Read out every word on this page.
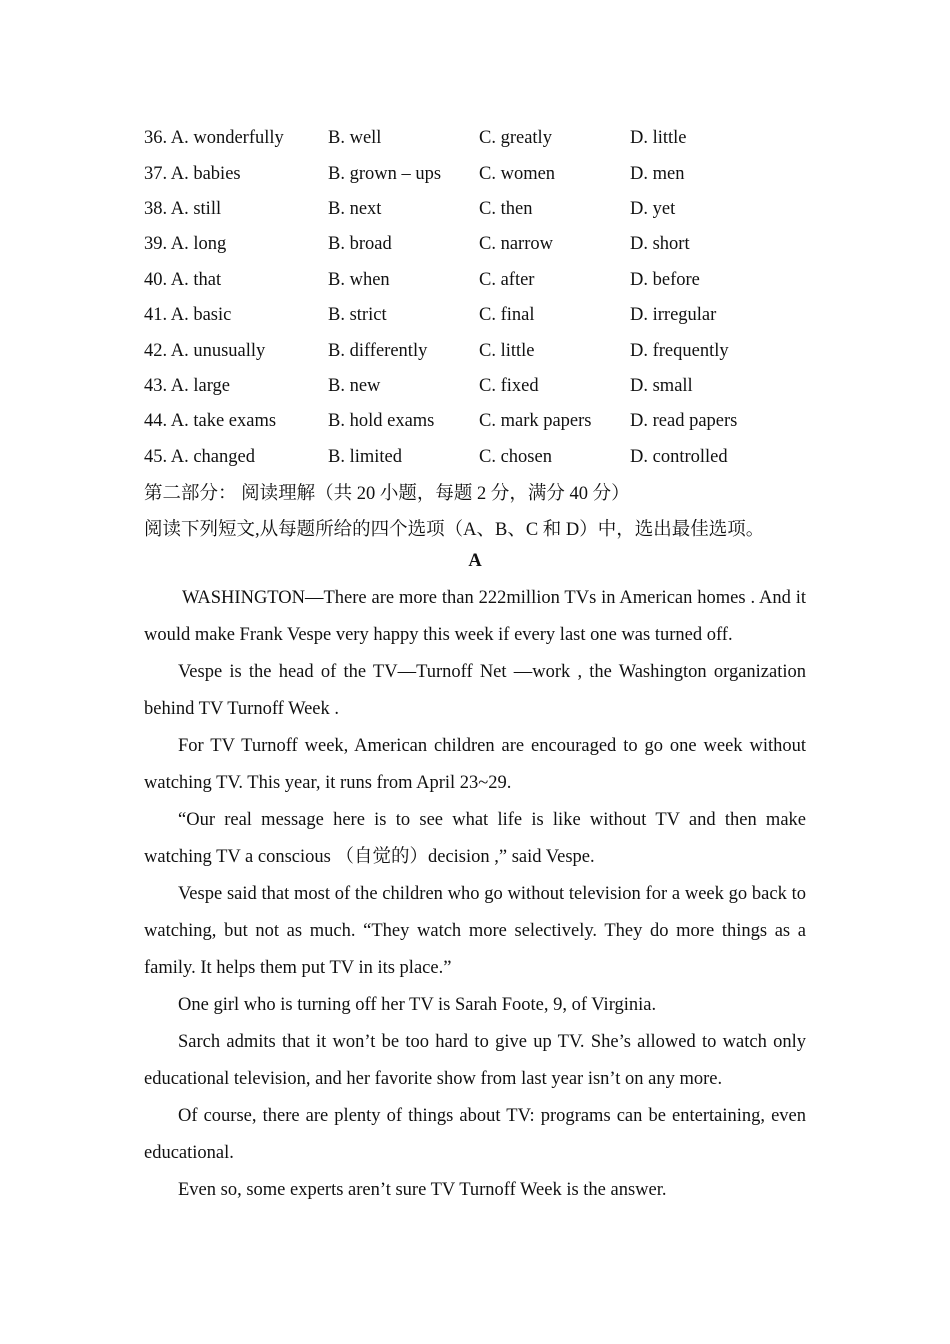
36. A. wonderfully	B. well	C. greatly	D. little
37. A. babies	B. grown – ups	C. women	D. men
38. A. still	B. next	C. then	D. yet
39. A. long	B. broad	C. narrow	D. short
40. A. that	B. when	C. after	D. before
41. A. basic	B. strict	C. final	D. irregular
42. A. unusually	B. differently	C. little	D. frequently
43. A. large	B. new	C. fixed	D. small
44. A. take exams	B. hold exams	C. mark papers	D. read papers
45. A. changed	B. limited	C. chosen	D. controlled
第二部分： 阅读理解（共 20 小题，每题 2 分，满分 40 分）
阅读下列短文,从每题所给的四个选项（A、B、C 和 D）中，选出最佳选项。
A

WASHINGTON—There are more than 222million TVs in American homes . And it would make Frank Vespe very happy this week if every last one was turned off.

Vespe is the head of the TV—Turnoff Net —work , the Washington organization behind TV Turnoff Week .

For TV Turnoff week, American children are encouraged to go one week without watching TV. This year, it runs from April 23~29.

“Our real message here is to see what life is like without TV and then make watching TV a conscious （自觉的）decision ,” said Vespe.

Vespe said that most of the children who go without television for a week go back to watching, but not as much. “They watch more selectively. They do more things as a family. It helps them put TV in its place.”

One girl who is turning off her TV is Sarah Foote, 9, of Virginia.

Sarch admits that it won’t be too hard to give up TV. She’s allowed to watch only educational television, and her favorite show from last year isn’t on any more.

Of course, there are plenty of things about TV: programs can be entertaining, even educational.

Even so, some experts aren’t sure TV Turnoff Week is the answer.
